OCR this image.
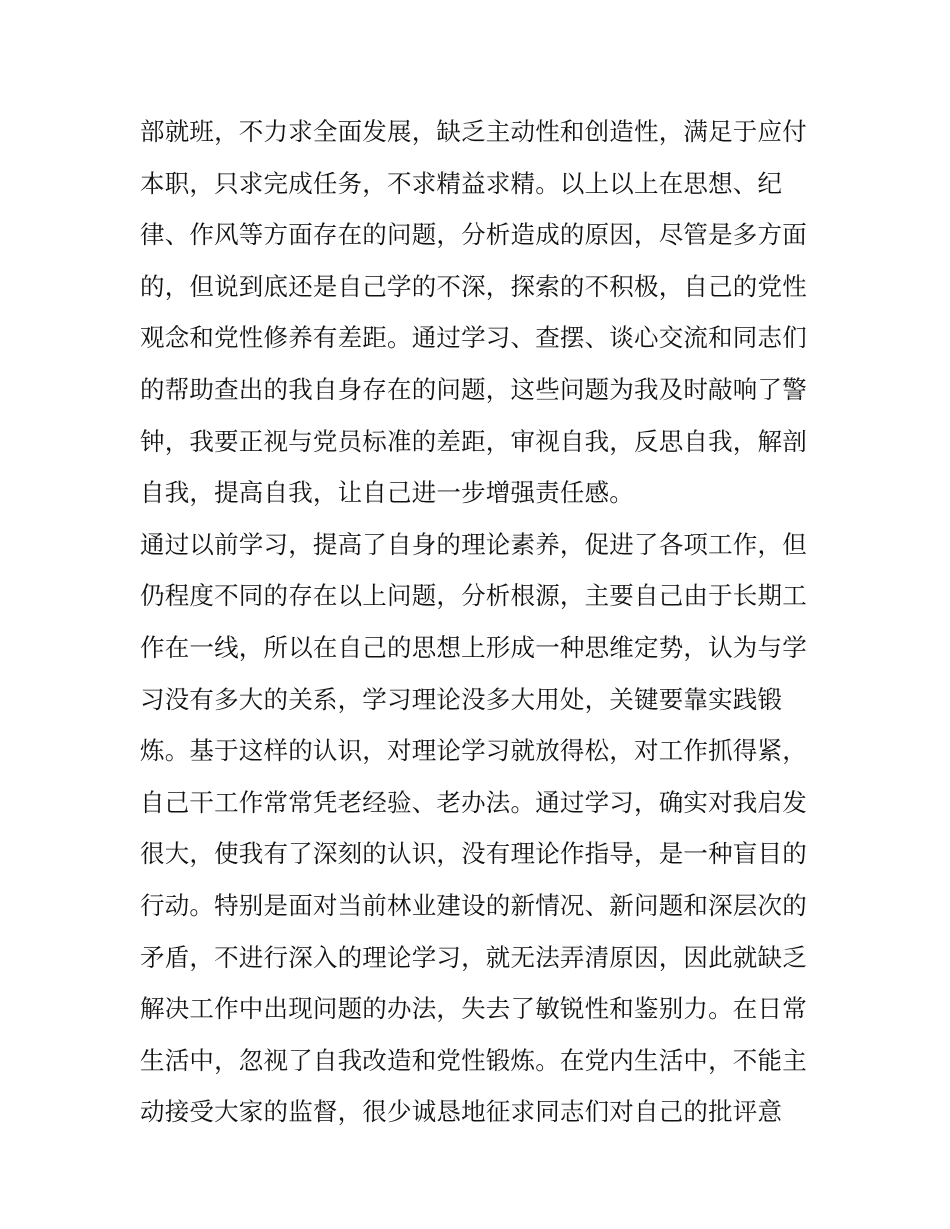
部就班，不力求全面发展，缺乏主动性和创造性，满足于应付
本职，只求完成任务，不求精益求精。以上以上在思想、纪
律、作风等方面存在的问题，分析造成的原因，尽管是多方面
的，但说到底还是自己学的不深，探索的不积极，自己的党性
观念和党性修养有差距。通过学习、查摆、谈心交流和同志们
的帮助查出的我自身存在的问题，这些问题为我及时敲响了警
钟，我要正视与党员标准的差距，审视自我，反思自我，解剖
自我，提高自我，让自己进一步增强责任感。
通过以前学习，提高了自身的理论素养，促进了各项工作，但
仍程度不同的存在以上问题，分析根源，主要自己由于长期工
作在一线，所以在自己的思想上形成一种思维定势，认为与学
习没有多大的关系，学习理论没多大用处，关键要靠实践锻
炼。基于这样的认识，对理论学习就放得松，对工作抓得紧，
自己干工作常常凭老经验、老办法。通过学习，确实对我启发
很大，使我有了深刻的认识，没有理论作指导，是一种盲目的
行动。特别是面对当前林业建设的新情况、新问题和深层次的
矛盾，不进行深入的理论学习，就无法弄清原因，因此就缺乏
解决工作中出现问题的办法，失去了敏锐性和鉴别力。在日常
生活中，忽视了自我改造和党性锻炼。在党内生活中，不能主
动接受大家的监督，很少诚恳地征求同志们对自己的批评意
